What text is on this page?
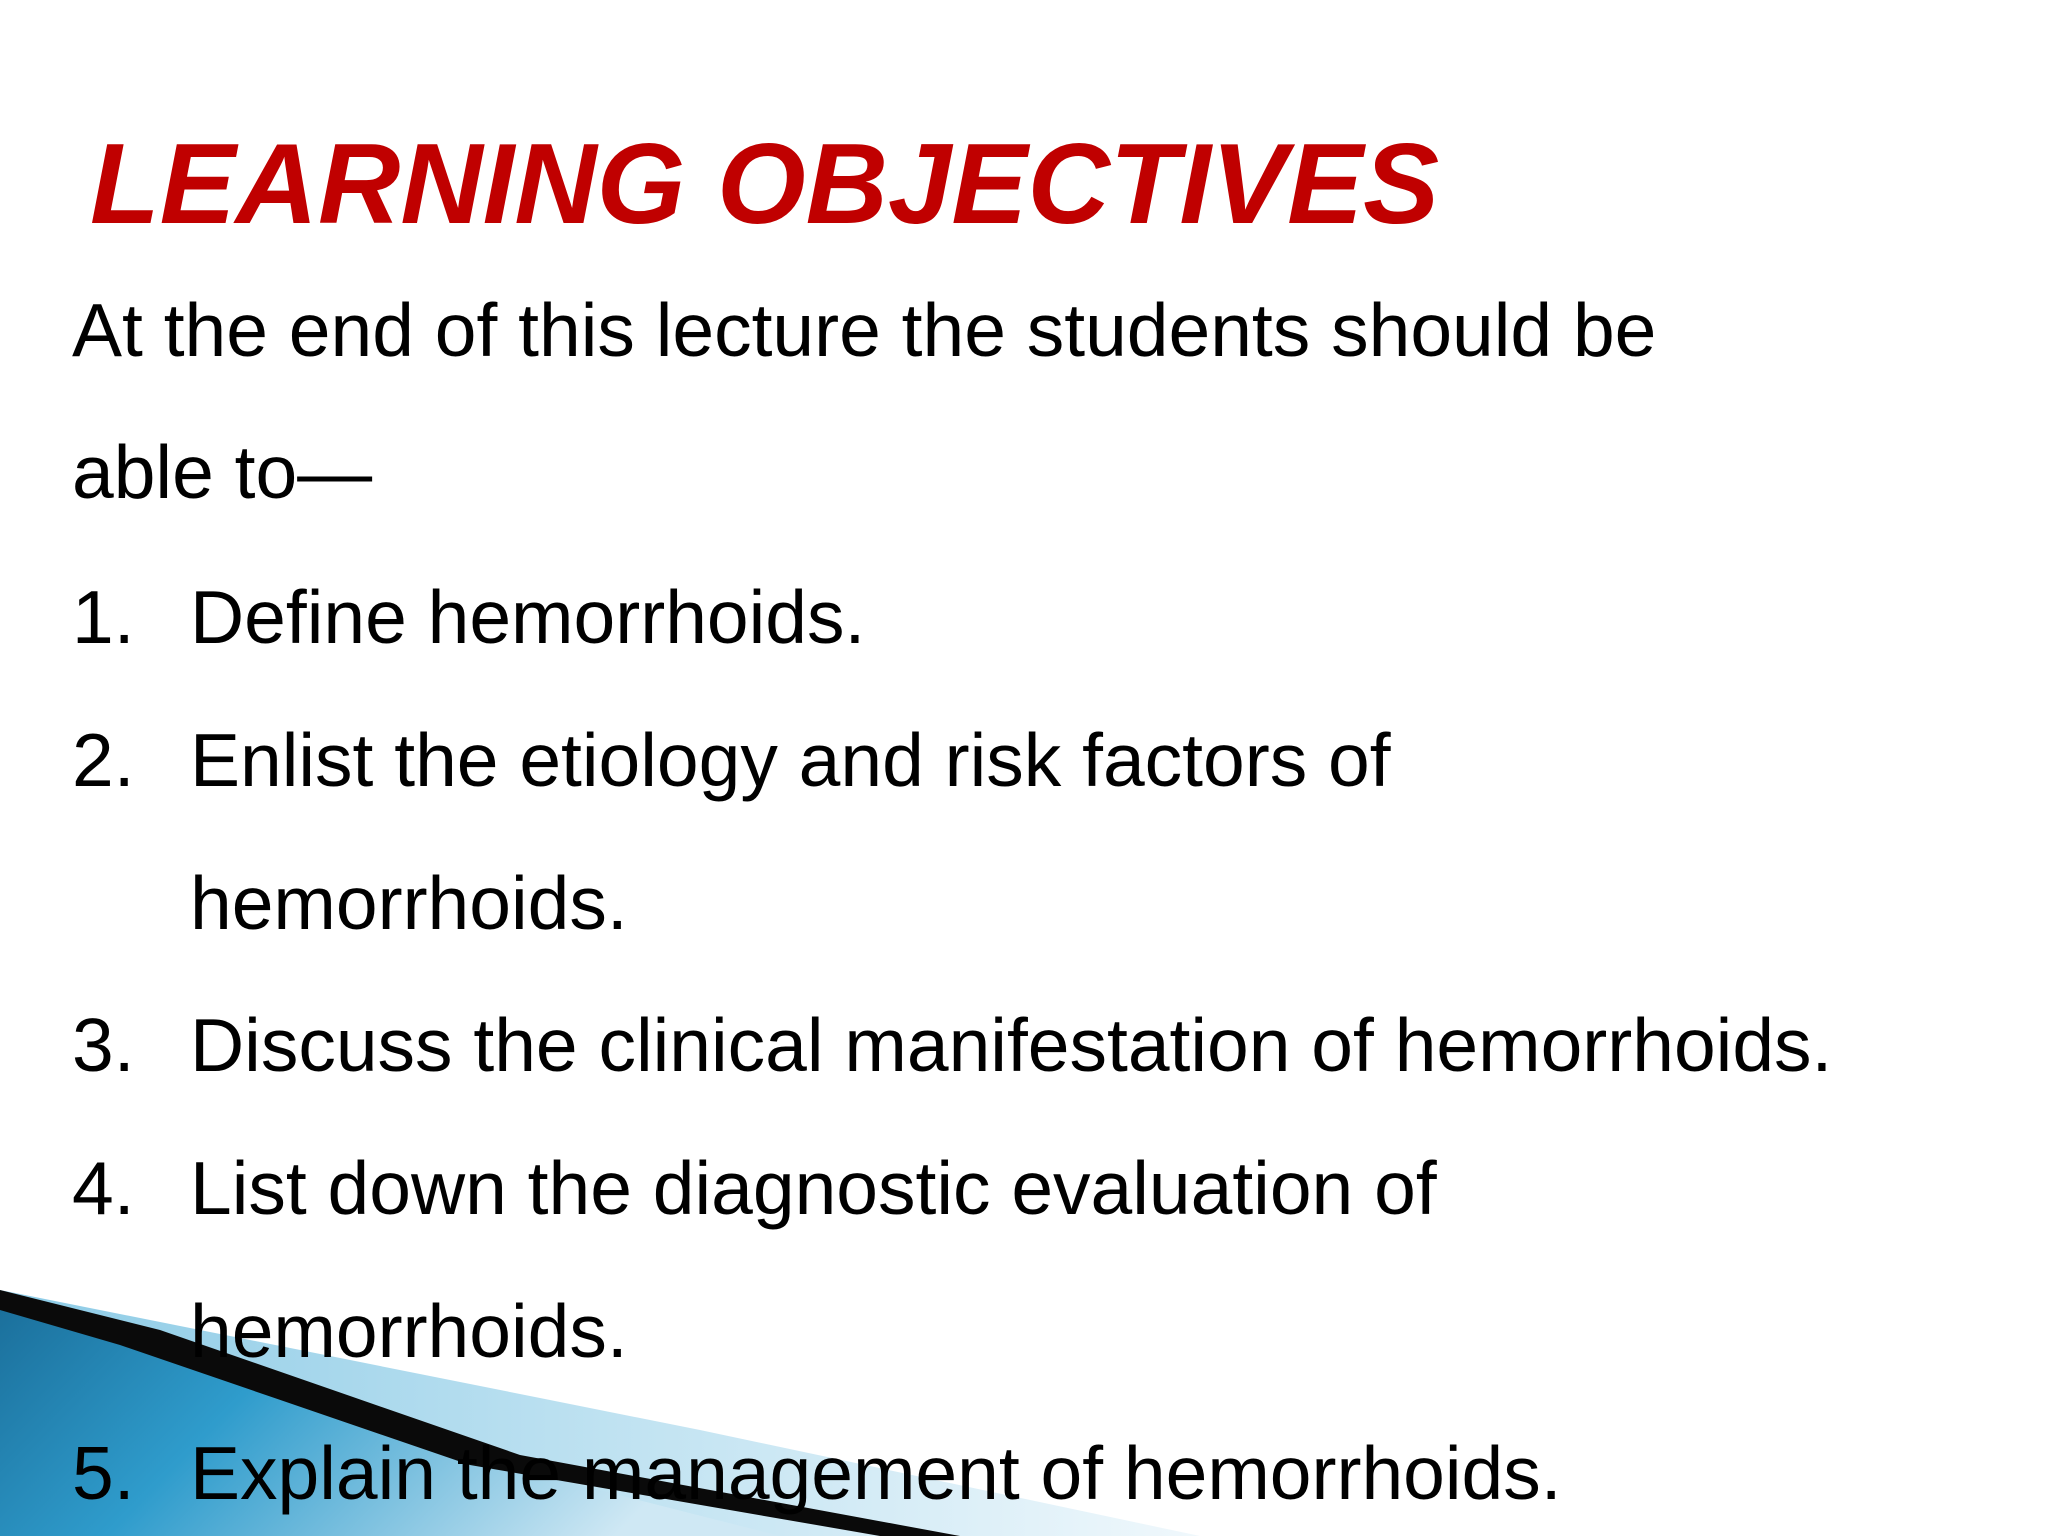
LEARNING OBJECTIVES
At the end of this lecture the students should be
able to—
1. Define hemorrhoids.
2. Enlist the etiology and risk factors of
hemorrhoids.
3. Discuss the clinical manifestation of hemorrhoids.
4. List down the diagnostic evaluation of
hemorrhoids.
5. Explain the management of hemorrhoids.
